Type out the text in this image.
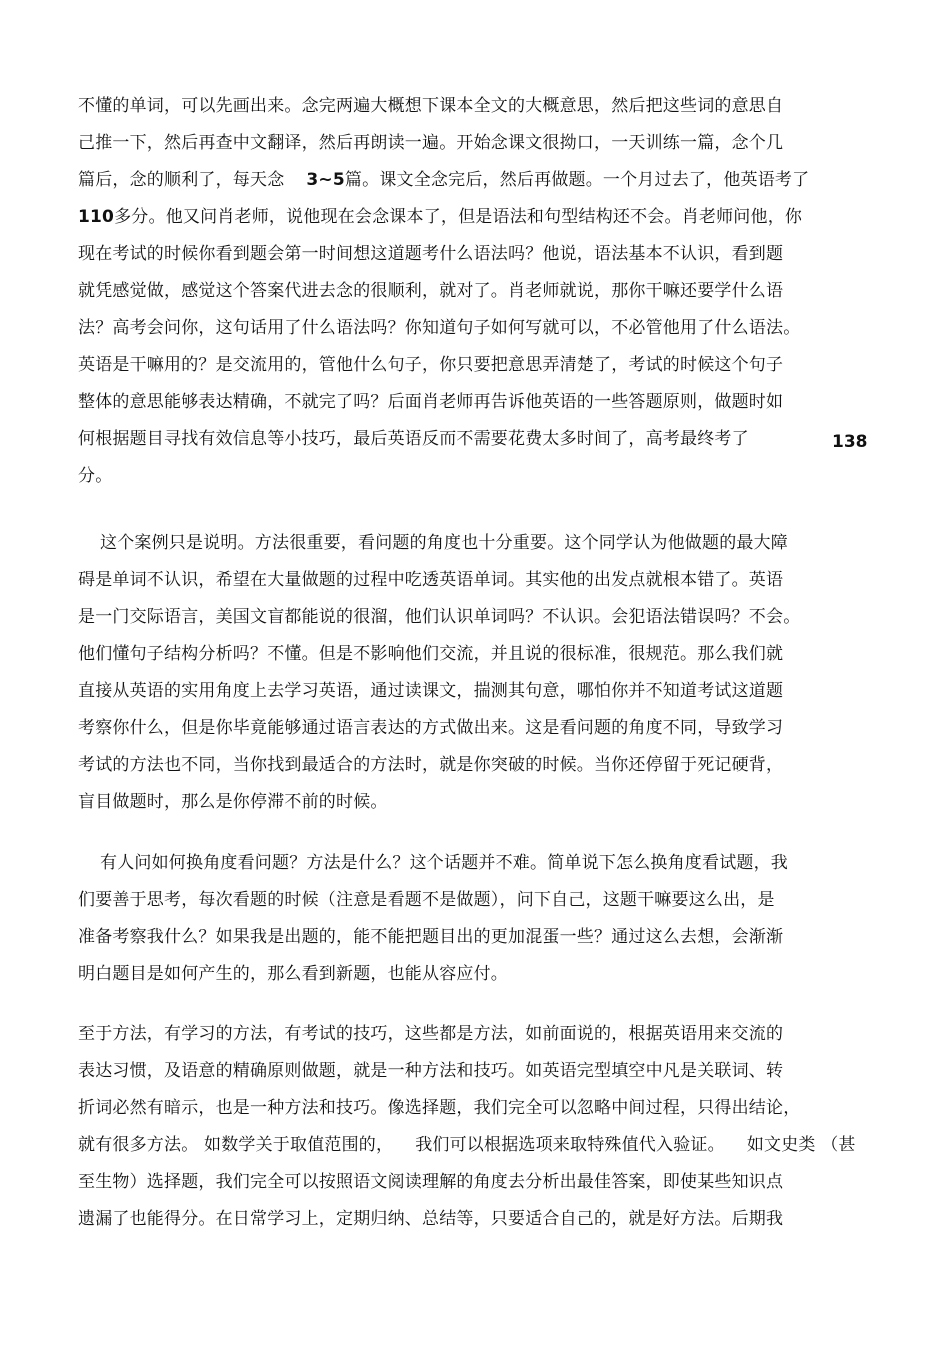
不懂的单词，可以先画出来。念完两遍大概想下课本全文的大概意思，然后把这些词的意思自
己推一下，然后再查中文翻译，然后再朗读一遍。开始念课文很拗口，一天训练一篇，念个几
篇后，念的顺利了，每天念 3~5篇。课文全念完后，然后再做题。一个月过去了，他英语考了
110多分。他又问肖老师，说他现在会念课本了，但是语法和句型结构还不会。肖老师问他，你
现在考试的时候你看到题会第一时间想这道题考什么语法吗？他说，语法基本不认识，看到题
就凭感觉做，感觉这个答案代进去念的很顺利，就对了。肖老师就说，那你干嘛还要学什么语
法？高考会问你，这句话用了什么语法吗？你知道句子如何写就可以，不必管他用了什么语法。
英语是干嘛用的？是交流用的，管他什么句子，你只要把意思弄清楚了，考试的时候这个句子
整体的意思能够表达精确，不就完了吗？后面肖老师再告诉他英语的一些答题原则，做题时如
何根据题目寻找有效信息等小技巧，最后英语反而不需要花费太多时间了，高考最终考了	138
分。
这个案例只是说明。方法很重要，看问题的角度也十分重要。这个同学认为他做题的最大障
碍是单词不认识，希望在大量做题的过程中吃透英语单词。其实他的出发点就根本错了。英语
是一门交际语言，美国文盲都能说的很溜，他们认识单词吗？不认识。会犯语法错误吗？不会。
他们懂句子结构分析吗？不懂。但是不影响他们交流，并且说的很标准，很规范。那么我们就
直接从英语的实用角度上去学习英语，通过读课文，揣测其句意，哪怕你并不知道考试这道题
考察你什么，但是你毕竟能够通过语言表达的方式做出来。这是看问题的角度不同，导致学习
考试的方法也不同，当你找到最适合的方法时，就是你突破的时候。当你还停留于死记硬背，
盲目做题时，那么是你停滞不前的时候。
有人问如何换角度看问题？方法是什么？这个话题并不难。简单说下怎么换角度看试题，我
们要善于思考，每次看题的时候（注意是看题不是做题），问下自己，这题干嘛要这么出，是
准备考察我什么？如果我是出题的，能不能把题目出的更加混蛋一些？通过这么去想，会渐渐
明白题目是如何产生的，那么看到新题，也能从容应付。
至于方法，有学习的方法，有考试的技巧，这些都是方法，如前面说的，根据英语用来交流的
表达习惯，及语意的精确原则做题，就是一种方法和技巧。如英语完型填空中凡是关联词、转
折词必然有暗示，也是一种方法和技巧。像选择题，我们完全可以忽略中间过程，只得出结论，
就有很多方法。 如数学关于取值范围的， 我们可以根据选项来取特殊值代入验证。 如文史类 （甚
至生物）选择题，我们完全可以按照语文阅读理解的角度去分析出最佳答案，即使某些知识点
遗漏了也能得分。在日常学习上，定期归纳、总结等，只要适合自己的，就是好方法。后期我
